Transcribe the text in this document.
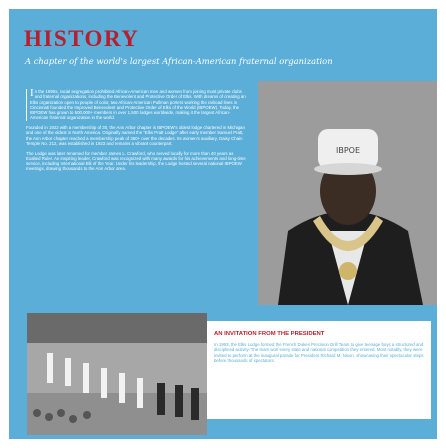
HISTORY
A chapter of the world's largest African-American fraternal organization

In the 1890s, racial segregation prohibited African-American men and women from joining most private clubs and fraternal organizations, including the Benevolent and Protective Order of Elks. With dreams of creating an Elks organization open to people of color, two African-American Pullman porters working the railroad lines in Cincinnati founded the Improved Benevolent and Protective Order of Elks of the World (IBPOEW). Today, the IBPOEW has grown to 500,000+ members in over 1,500 lodges worldwide, making it the largest African-American fraternal organization in the world.

Founded in 1922 with a membership of 30, the Ann Arbor chapter is IBPOEW's oldest lodge chartered in Michigan and one of the oldest in North America. Originally named the "Elks Pratt Lodge" after early member Samuel Pratt, the Ann Arbor chapter reached a membership peak of 350+ over the decades. Its women's auxiliary, Daisy Chain Temple No. 212, was established in 1923 and remains a vibrant counterpart.

The Lodge was later renamed for member James L. Crawford, who served locally for more than 40 years as Exalted Ruler. An inspiring leader, Crawford was recognized with many awards for his achievements and long-time service, including International Elk of the Year. Under his leadership, the Lodge hosted several national IBPOEW meetings, drawing thousands to the Ann Arbor area.

IBPOE
AN INVITATION FROM THE PRESIDENT
In 1963, the Elks Lodge formed the French Dukes Precision Drill Team to give teenage boys a structured and disciplined activity. The team won every state and national competition they entered. Most notably, they were invited to perform at the inaugural parade for President Richard M. Nixon, showcasing their spectacular steps before thousands of spectators.
